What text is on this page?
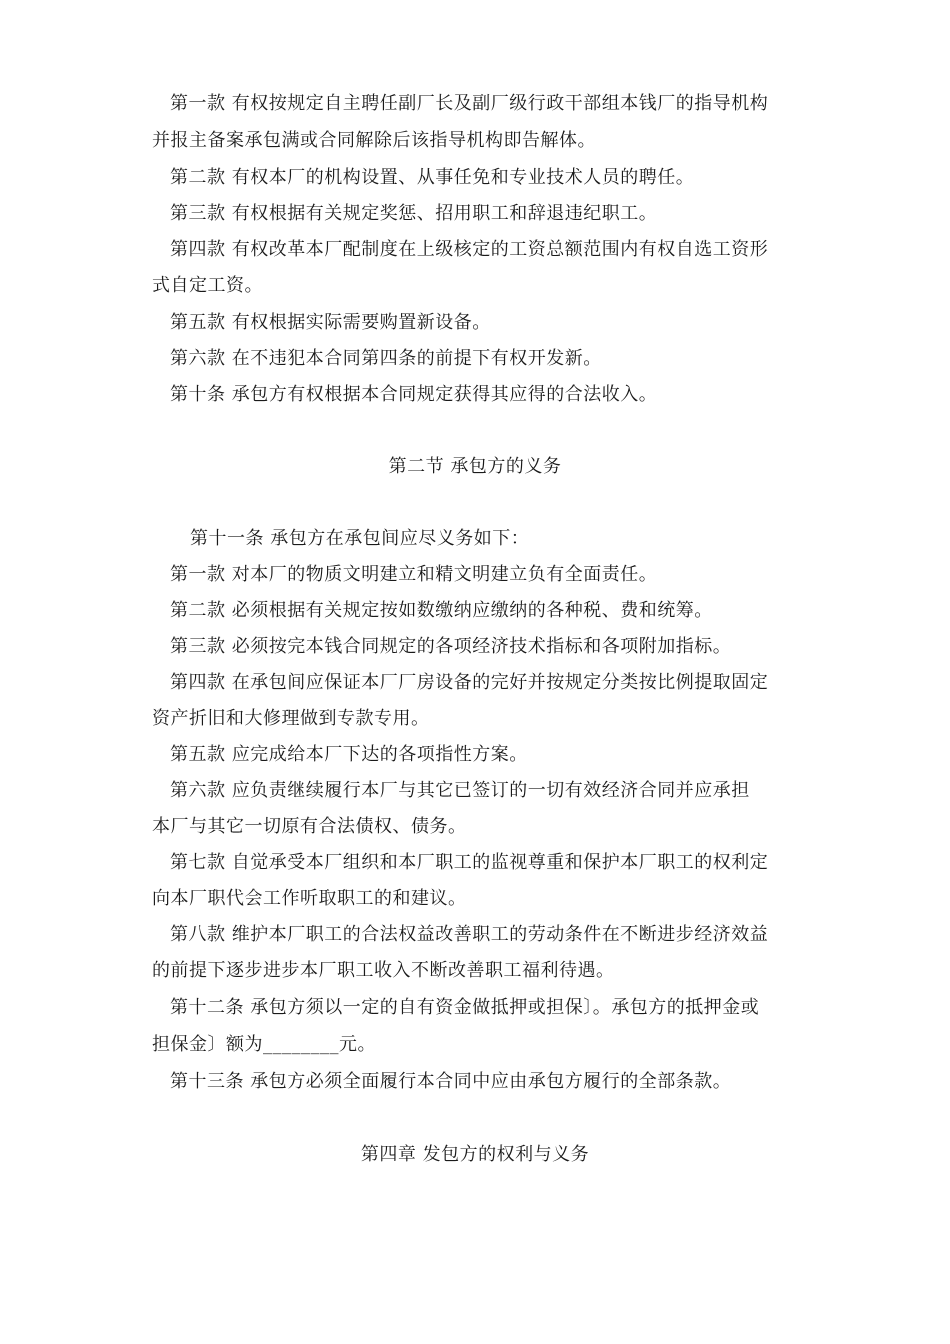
第一款 有权按规定自主聘任副厂长及副厂级行政干部组本钱厂的指导机构
并报主备案承包满或合同解除后该指导机构即告解体。
第二款 有权本厂的机构设置、从事任免和专业技术人员的聘任。
第三款 有权根据有关规定奖惩、招用职工和辞退违纪职工。
第四款 有权改革本厂配制度在上级核定的工资总额范围内有权自选工资形
式自定工资。
第五款 有权根据实际需要购置新设备。
第六款 在不违犯本合同第四条的前提下有权开发新。
第十条 承包方有权根据本合同规定获得其应得的合法收入。
第二节 承包方的义务
第十一条 承包方在承包间应尽义务如下：
第一款 对本厂的物质文明建立和精文明建立负有全面责任。
第二款 必须根据有关规定按如数缴纳应缴纳的各种税、费和统筹。
第三款 必须按完本钱合同规定的各项经济技术指标和各项附加指标。
第四款 在承包间应保证本厂厂房设备的完好并按规定分类按比例提取固定
资产折旧和大修理做到专款专用。
第五款 应完成给本厂下达的各项指性方案。
第六款 应负责继续履行本厂与其它已签订的一切有效经济合同并应承担
本厂与其它一切原有合法债权、债务。
第七款 自觉承受本厂组织和本厂职工的监视尊重和保护本厂职工的权利定
向本厂职代会工作听取职工的和建议。
第八款 维护本厂职工的合法权益改善职工的劳动条件在不断进步经济效益
的前提下逐步进步本厂职工收入不断改善职工福利待遇。
第十二条 承包方须以一定的自有资金做抵押或担保〕。承包方的抵押金或
担保金〕额为________元。
第十三条 承包方必须全面履行本合同中应由承包方履行的全部条款。
第四章 发包方的权利与义务
